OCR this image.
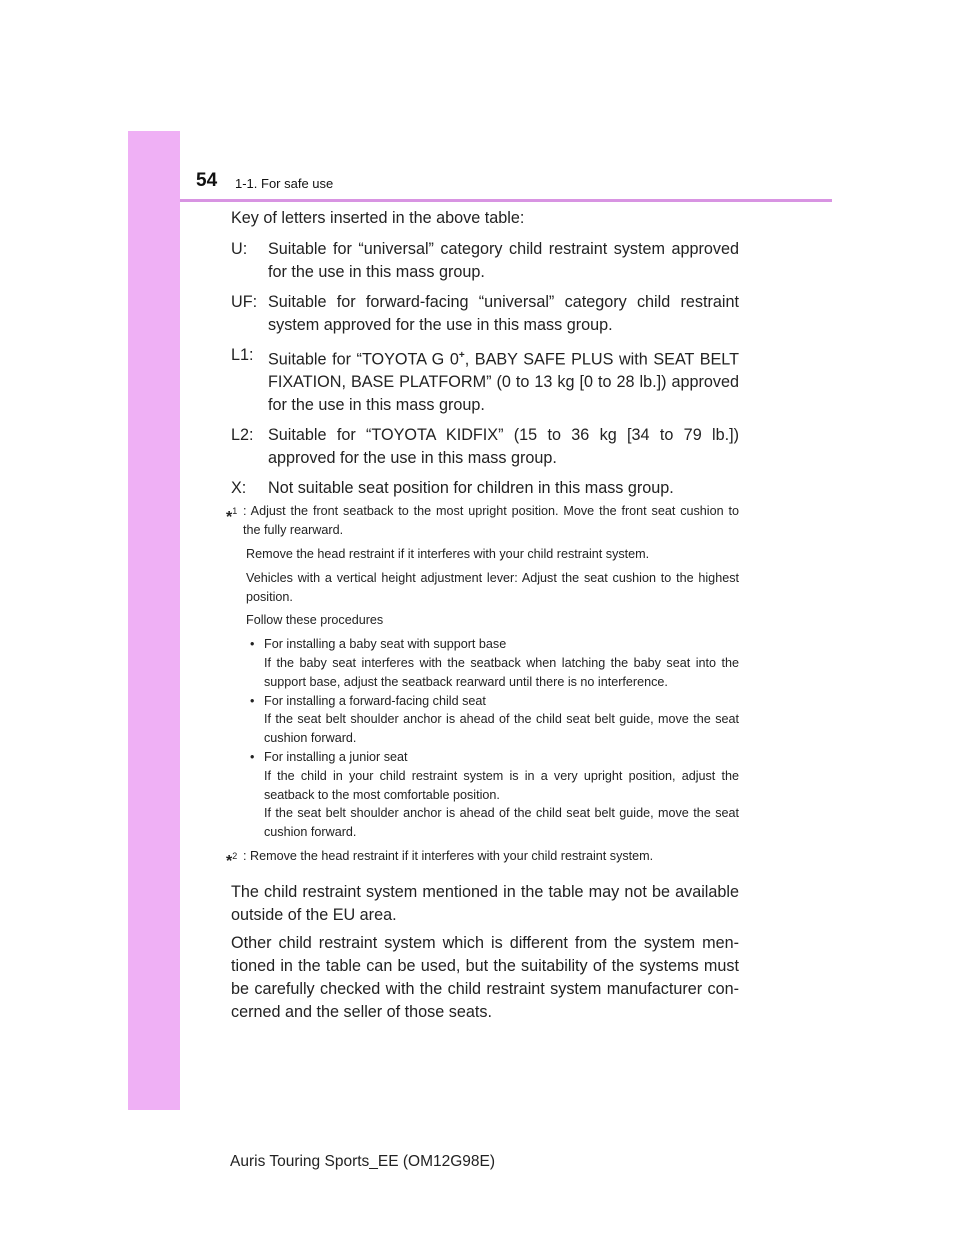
54 1-1. For safe use

Key of letters inserted in the above table:

U:	Suitable for “universal” category child restraint system approved for the use in this mass group.
UF: Suitable for forward-facing “universal” category child restraint system approved for the use in this mass group.
L1: Suitable for “TOYOTA G 0+, BABY SAFE PLUS with SEAT BELT FIXATION, BASE PLATFORM” (0 to 13 kg [0 to 28 lb.]) approved for the use in this mass group.
L2: Suitable for “TOYOTA KIDFIX” (15 to 36 kg [34 to 79 lb.]) approved for the use in this mass group.
X:	Not suitable seat position for children in this mass group.
*$^1$ : Adjust the front seatback to the most upright position. Move the front seat cushion to the fully rearward.

Remove the head restraint if it interferes with your child restraint system.

Vehicles with a vertical height adjustment lever: Adjust the seat cushion to the highest position.

Follow these procedures

• For installing a baby seat with support base
If the baby seat interferes with the seatback when latching the baby seat into the support base, adjust the seatback rearward until there is no interference.
• For installing a forward-facing child seat
If the seat belt shoulder anchor is ahead of the child seat belt guide, move the seat cushion forward.
• For installing a junior seat
If the child in your child restraint system is in a very upright position, adjust the seatback to the most comfortable position.
If the seat belt shoulder anchor is ahead of the child seat belt guide, move the seat cushion forward.
*$^2$ : Remove the head restraint if it interferes with your child restraint system.

The child restraint system mentioned in the table may not be available outside of the EU area.

Other child restraint system which is different from the system men-tioned in the table can be used, but the suitability of the systems must be carefully checked with the child restraint system manufacturer con-cerned and the seller of those seats.

Auris Touring Sports_EE (OM12G98E)
